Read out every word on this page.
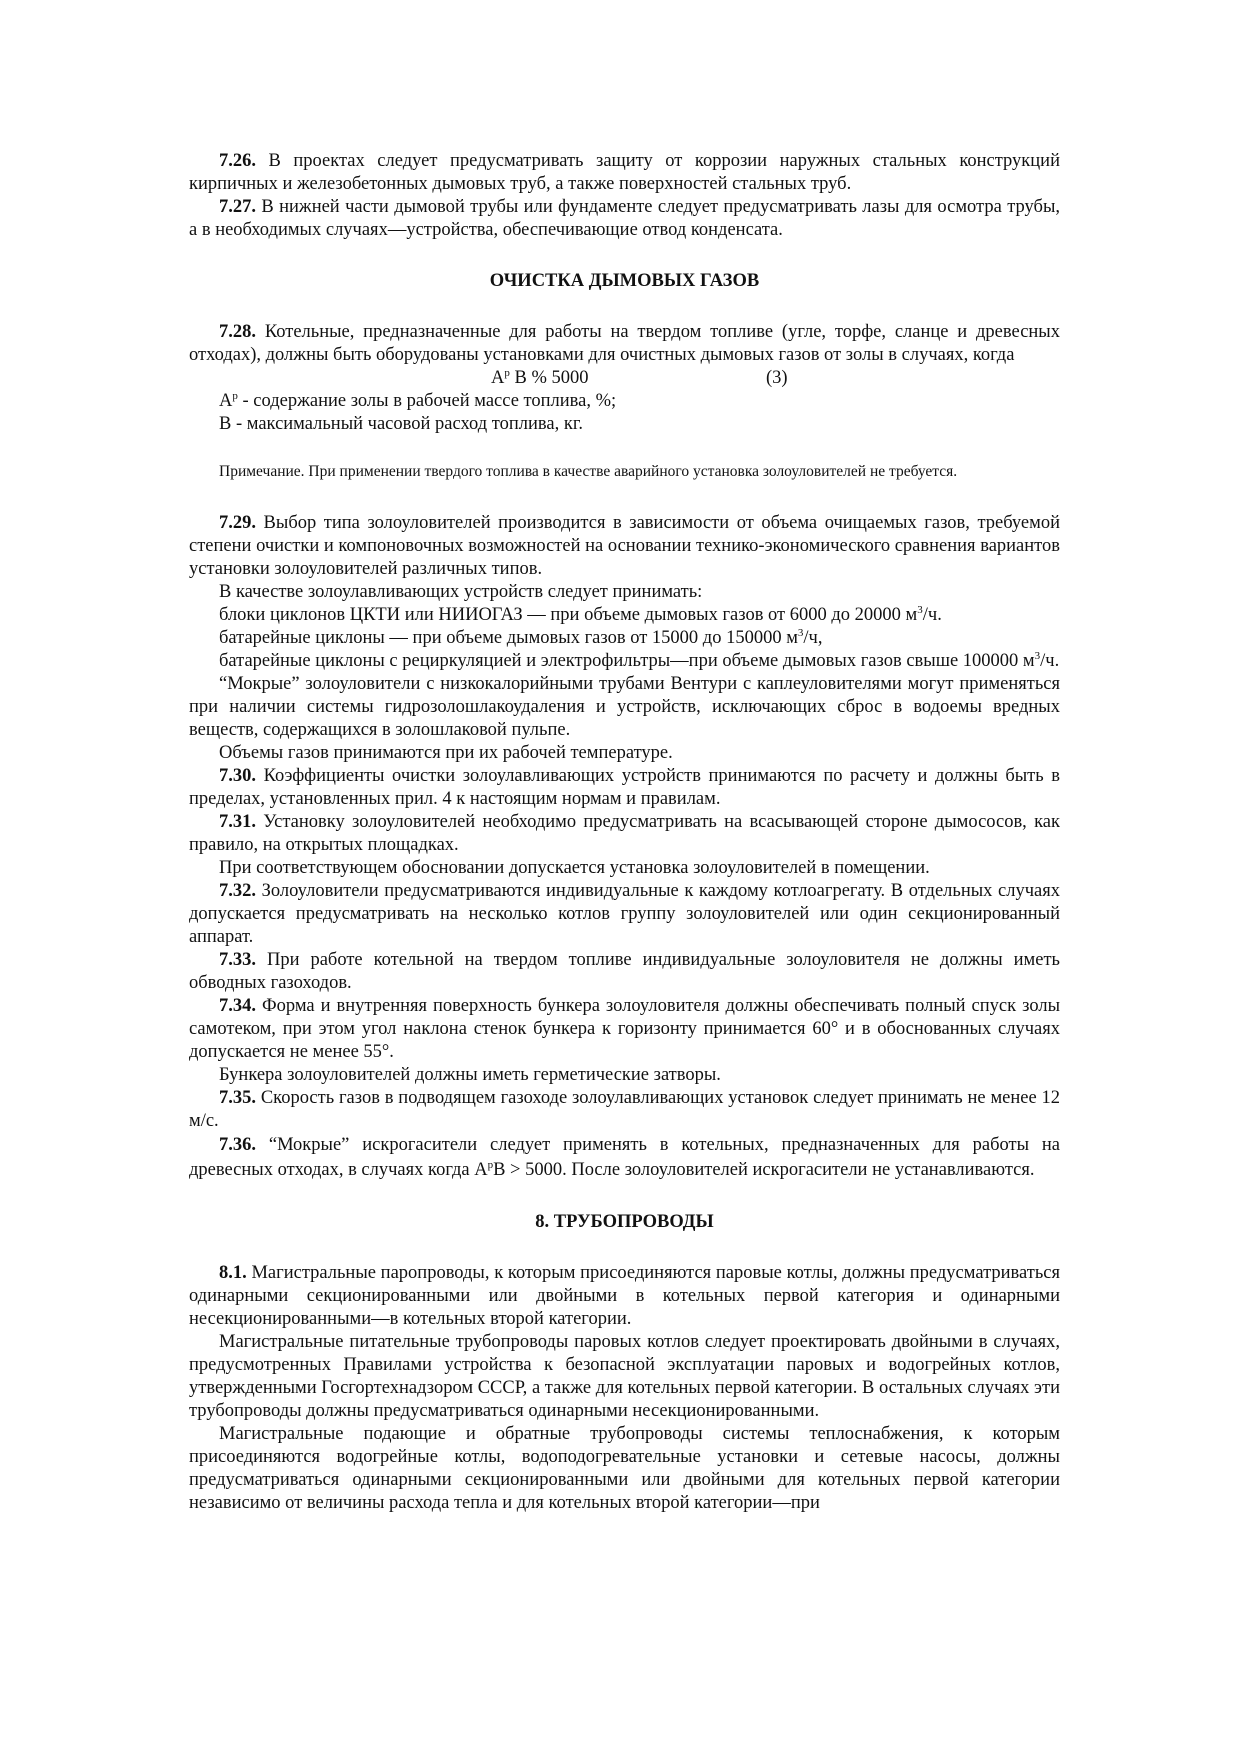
7.26. В проектах следует предусматривать защиту от коррозии наружных стальных конструкций кирпичных и железобетонных дымовых труб, а также поверхностей стальных труб.

7.27. В нижней части дымовой трубы или фундаменте следует предусматривать лазы для осмотра трубы, а в необходимых случаях—устройства, обеспечивающие отвод конденсата.

ОЧИСТКА ДЫМОВЫХ ГАЗОВ

7.28. Котельные, предназначенные для работы на твердом топливе (угле, торфе, сланце и древесных отходах), должны быть оборудованы установками для очистных дымовых газов от золы в случаях, когда

$А^р$ В % 5000	(3)

$А^р$ - содержание золы в рабочей массе топлива, %;

В - максимальный часовой расход топлива, кг.

Примечание. При применении твердого топлива в качестве аварийного установка золоуловителей не требуется.

7.29. Выбор типа золоуловителей производится в зависимости от объема очищаемых газов, требуемой степени очистки и компоновочных возможностей на основании технико-экономического сравнения вариантов установки золоуловителей различных типов.

В качестве золоулавливающих устройств следует принимать:

блоки циклонов ЦКТИ или НИИОГАЗ — при объеме дымовых газов от 6000 до 20000 $м^3/ч$.

батарейные циклоны — при объеме дымовых газов от 15000 до 150000 $м^3/ч$,

батарейные циклоны с рециркуляцией и электрофильтры—при объеме дымовых газов свыше 100000 $м^3/ч$.

“Мокрые” золоуловители с низкокалорийными трубами Вентури с каплеуловителями могут применяться при наличии системы гидрозолошлакоудаления и устройств, исключающих сброс в водоемы вредных веществ, содержащихся в золошлаковой пульпе.

Объемы газов принимаются при их рабочей температуре.

7.30. Коэффициенты очистки золоулавливающих устройств принимаются по расчету и должны быть в пределах, установленных прил. 4 к настоящим нормам и правилам.

7.31. Установку золоуловителей необходимо предусматривать на всасывающей стороне дымососов, как правило, на открытых площадках.

При соответствующем обосновании допускается установка золоуловителей в помещении.

7.32. Золоуловители предусматриваются индивидуальные к каждому котлоагрегату. В отдельных случаях допускается предусматривать на несколько котлов группу золоуловителей или один секционированный аппарат.

7.33. При работе котельной на твердом топливе индивидуальные золоуловителя не должны иметь обводных газоходов.

7.34. Форма и внутренняя поверхность бункера золоуловителя должны обеспечивать полный спуск золы самотеком, при этом угол наклона стенок бункера к горизонту принимается 60° и в обоснованных случаях допускается не менее 55°.

Бункера золоуловителей должны иметь герметические затворы.

7.35. Скорость газов в подводящем газоходе золоулавливающих установок следует принимать не менее 12 м/с.

7.36. “Мокрые” искрогасители следует применять в котельных, предназначенных для работы на древесных отходах, в случаях когда $А^рВ > 5000$. После золоуловителей искрогасители не устанавливаются.

8. ТРУБОПРОВОДЫ

8.1. Магистральные паропроводы, к которым присоединяются паровые котлы, должны предусматриваться одинарными секционированными или двойными в котельных первой категория и одинарными несекционированными—в котельных второй категории.

Магистральные питательные трубопроводы паровых котлов следует проектировать двойными в случаях, предусмотренных Правилами устройства к безопасной эксплуатации паровых и водогрейных котлов, утвержденными Госгортехнадзором СССР, а также для котельных первой категории. В остальных случаях эти трубопроводы должны предусматриваться одинарными несекционированными.

Магистральные подающие и обратные трубопроводы системы теплоснабжения, к которым присоединяются водогрейные котлы, водоподогревательные установки и сетевые насосы, должны предусматриваться одинарными секционированными или двойными для котельных первой категории независимо от величины расхода тепла и для котельных второй категории—при
